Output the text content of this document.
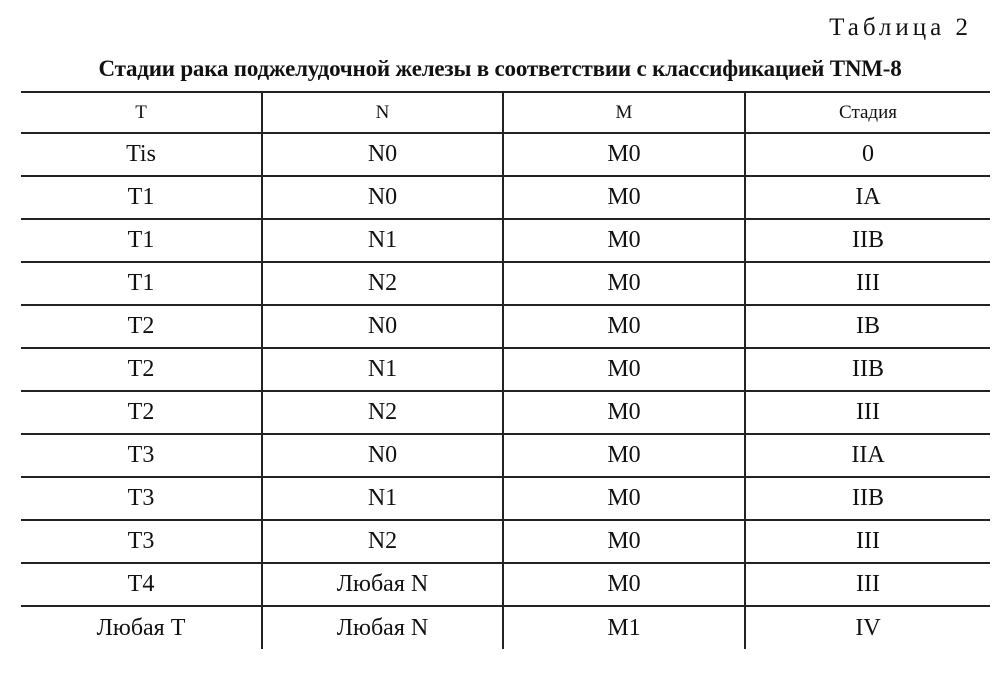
Таблица 2
Стадии рака поджелудочной железы в соответствии с классификацией TNM-8
T	N	M	Стадия
Tis	N0	M0	0
T1	N0	M0	IA
T1	N1	M0	IIB
T1	N2	M0	III
T2	N0	M0	IB
T2	N1	M0	IIB
T2	N2	M0	III
T3	N0	M0	IIA
T3	N1	M0	IIB
T3	N2	M0	III
T4	Любая N	M0	III
Любая T	Любая N	M1	IV
